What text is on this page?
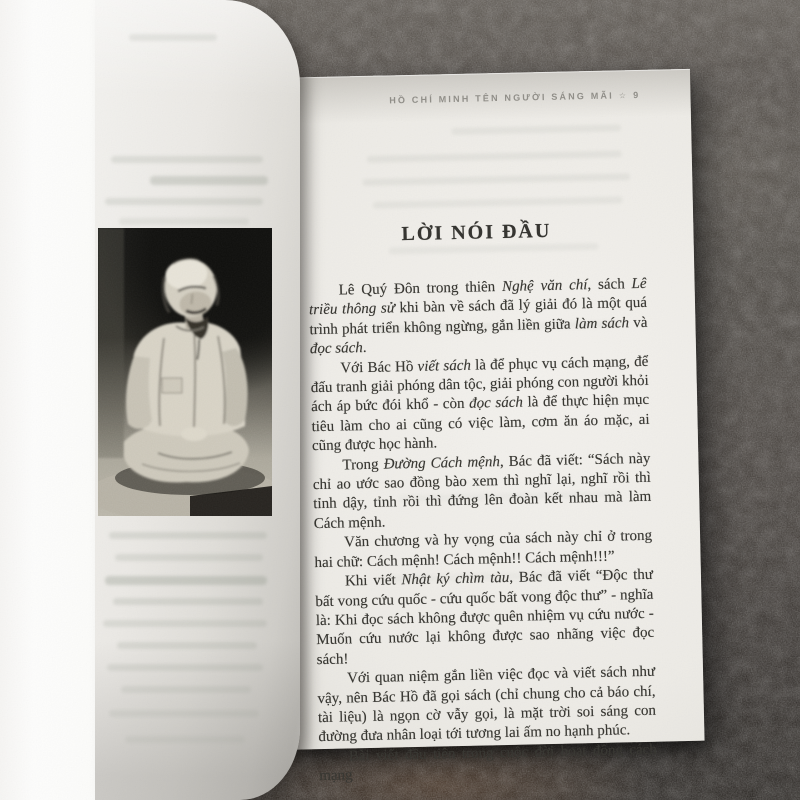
HỒ CHÍ MINH TÊN NGƯỜI SÁNG MÃI ☆ 9
LỜI NÓI ĐẦU

Lê Quý Đôn trong thiên Nghệ văn chí, sách Lê triều thông sử khi bàn về sách đã lý giải đó là một quá trình phát triển không ngừng, gắn liền giữa làm sách và đọc sách.

Với Bác Hồ viết sách là để phục vụ cách mạng, để đấu tranh giải phóng dân tộc, giải phóng con người khỏi ách áp bức đói khổ - còn đọc sách là để thực hiện mục tiêu làm cho ai cũng có việc làm, cơm ăn áo mặc, ai cũng được học hành.

Trong Đường Cách mệnh, Bác đã viết: “Sách này chỉ ao ước sao đồng bào xem thì nghĩ lại, nghĩ rồi thì tỉnh dậy, tỉnh rồi thì đứng lên đoàn kết nhau mà làm Cách mệnh.

Văn chương và hy vọng của sách này chỉ ở trong hai chữ: Cách mệnh! Cách mệnh!! Cách mệnh!!!”

Khi viết Nhật ký chìm tàu, Bác đã viết “Độc thư bất vong cứu quốc - cứu quốc bất vong độc thư” - nghĩa là: Khi đọc sách không được quên nhiệm vụ cứu nước - Muốn cứu nước lại không được sao nhãng việc đọc sách!

Với quan niệm gắn liền việc đọc và viết sách như vậy, nên Bác Hồ đã gọi sách (chỉ chung cho cả báo chí, tài liệu) là ngọn cờ vẫy gọi, là mặt trời soi sáng con đường đưa nhân loại tới tương lai ấm no hạnh phúc.

Bài viết đầu tiên trong cuộc đời hoạt động cách mạng
